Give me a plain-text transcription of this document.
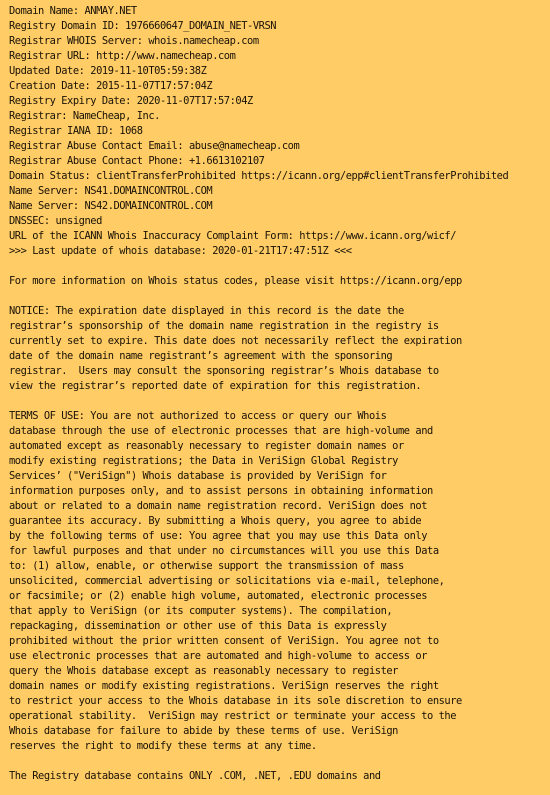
Domain Name: ANMAY.NET
Registry Domain ID: 1976660647_DOMAIN_NET-VRSN
Registrar WHOIS Server: whois.namecheap.com
Registrar URL: http://www.namecheap.com
Updated Date: 2019-11-10T05:59:38Z
Creation Date: 2015-11-07T17:57:04Z
Registry Expiry Date: 2020-11-07T17:57:04Z
Registrar: NameCheap, Inc.
Registrar IANA ID: 1068
Registrar Abuse Contact Email: abuse@namecheap.com
Registrar Abuse Contact Phone: +1.6613102107
Domain Status: clientTransferProhibited https://icann.org/epp#clientTransferProhibited
Name Server: NS41.DOMAINCONTROL.COM
Name Server: NS42.DOMAINCONTROL.COM
DNSSEC: unsigned
URL of the ICANN Whois Inaccuracy Complaint Form: https://www.icann.org/wicf/
>>> Last update of whois database: 2020-01-21T17:47:51Z <<<
For more information on Whois status codes, please visit https://icann.org/epp
NOTICE: The expiration date displayed in this record is the date the
registrar’s sponsorship of the domain name registration in the registry is
currently set to expire. This date does not necessarily reflect the expiration
date of the domain name registrant’s agreement with the sponsoring
registrar.  Users may consult the sponsoring registrar’s Whois database to
view the registrar’s reported date of expiration for this registration.
TERMS OF USE: You are not authorized to access or query our Whois
database through the use of electronic processes that are high-volume and
automated except as reasonably necessary to register domain names or
modify existing registrations; the Data in VeriSign Global Registry
Services’ ("VeriSign") Whois database is provided by VeriSign for
information purposes only, and to assist persons in obtaining information
about or related to a domain name registration record. VeriSign does not
guarantee its accuracy. By submitting a Whois query, you agree to abide
by the following terms of use: You agree that you may use this Data only
for lawful purposes and that under no circumstances will you use this Data
to: (1) allow, enable, or otherwise support the transmission of mass
unsolicited, commercial advertising or solicitations via e-mail, telephone,
or facsimile; or (2) enable high volume, automated, electronic processes
that apply to VeriSign (or its computer systems). The compilation,
repackaging, dissemination or other use of this Data is expressly
prohibited without the prior written consent of VeriSign. You agree not to
use electronic processes that are automated and high-volume to access or
query the Whois database except as reasonably necessary to register
domain names or modify existing registrations. VeriSign reserves the right
to restrict your access to the Whois database in its sole discretion to ensure
operational stability.  VeriSign may restrict or terminate your access to the
Whois database for failure to abide by these terms of use. VeriSign
reserves the right to modify these terms at any time.
The Registry database contains ONLY .COM, .NET, .EDU domains and
